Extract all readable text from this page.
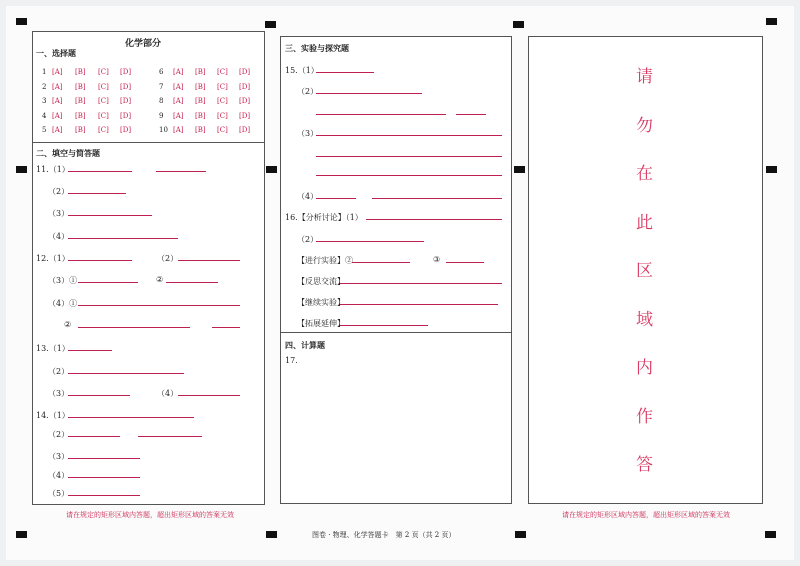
化学部分
一、选择题
1 [A] [B] [C] [D]
2 [A] [B] [C] [D]
3 [A] [B] [C] [D]
4 [A] [B] [C] [D]
5 [A] [B] [C] [D]
6 [A] [B] [C] [D]
7 [A] [B] [C] [D]
8 [A] [B] [C] [D]
9 [A] [B] [C] [D]
10 [A] [B] [C] [D]
二、填空与简答题
11.（1）
（2）
（3）
（4）
12.（1）	（2）
（3）①	②
（4）①
②
13.（1）
（2）
（3）	（4）
14.（1）
（2）
（3）
（4）
（5）
请在规定的矩形区域内答题，超出矩形区域的答案无效
三、实验与探究题
15.（1）
（2）
（3）
（4）
16.【分析讨论】（1）
（2）
【进行实验】②	③
【反思交流】
【继续实验】
【拓展延伸】
四、计算题
17.
图卷 · 物理、化学答题卡　第 2 页（共 2 页）
请
勿
在
此
区
域
内
作
答
请在规定的矩形区域内答题，超出矩形区域的答案无效
